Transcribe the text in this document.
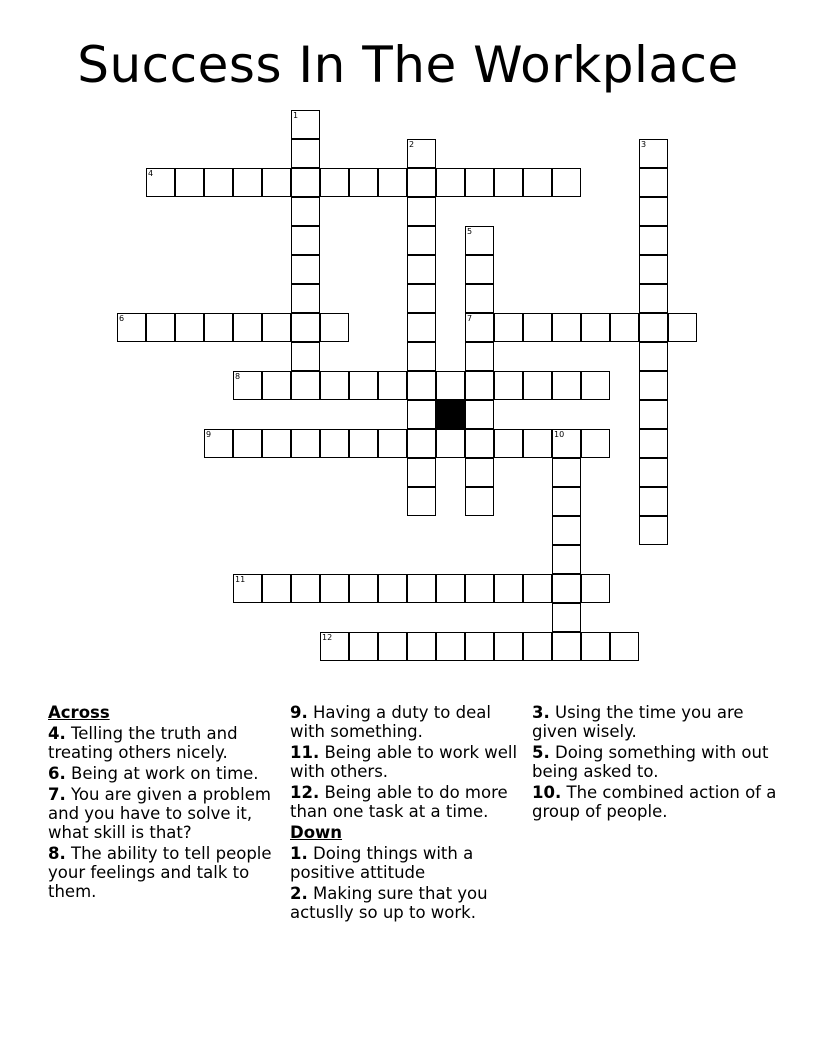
Success In The Workplace
1
2	3
4
5
7
6
8
9	10
11
12
Across
4. Telling the truth and treating others nicely.
6. Being at work on time.
7. You are given a problem and you have to solve it, what skill is that?
8. The ability to tell people your feelings and talk to them.
9. Having a duty to deal with something.
11. Being able to work well with others.
12. Being able to do more than one task at a time.
Down
1. Doing things with a positive attitude
2. Making sure that you actuslly so up to work.
3. Using the time you are given wisely.
5. Doing something with out being asked to.
10. The combined action of a group of people.
